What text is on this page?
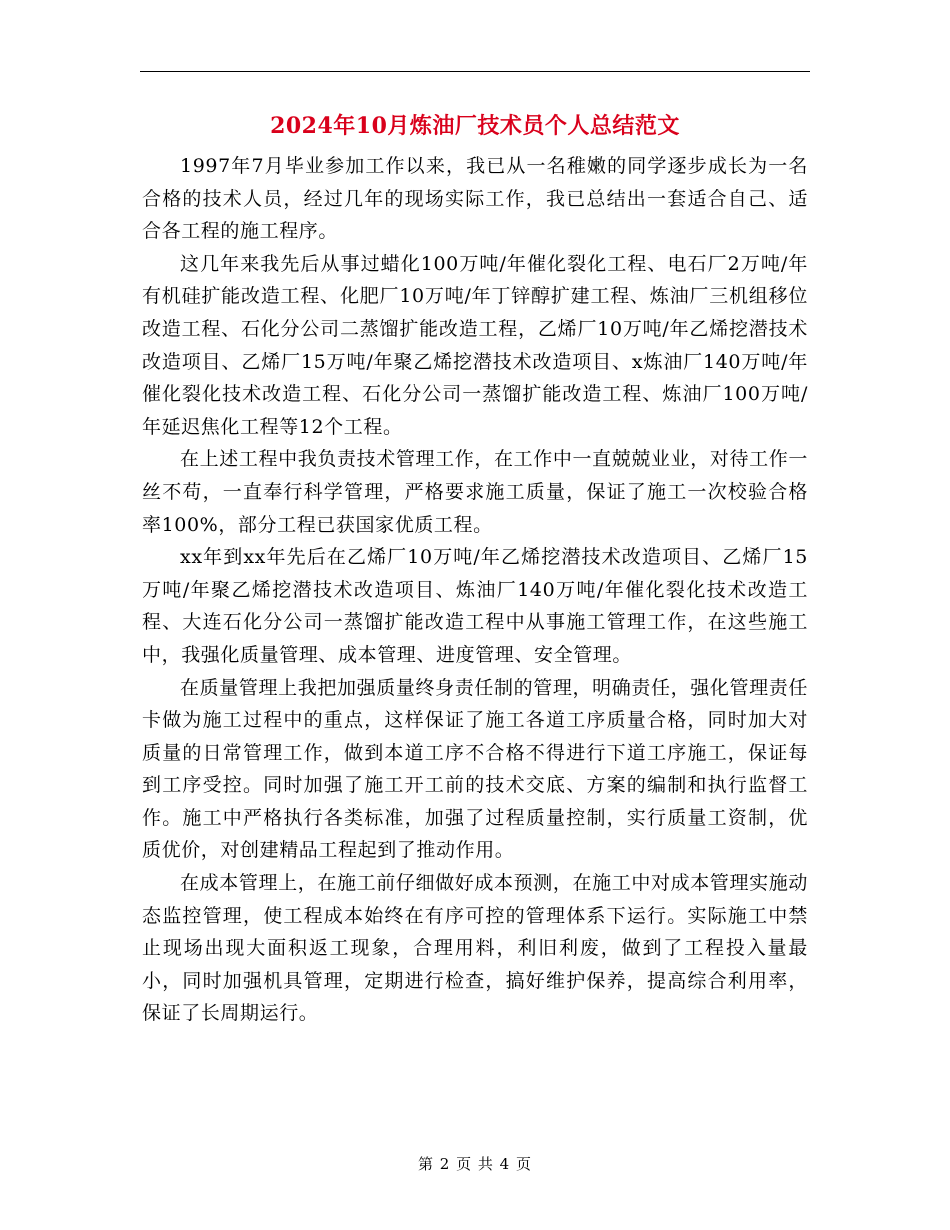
2024年10月炼油厂技术员个人总结范文

1997年7月毕业参加工作以来，我已从一名稚嫩的同学逐步成长为一名合格的技术人员，经过几年的现场实际工作，我已总结出一套适合自己、适合各工程的施工程序。

这几年来我先后从事过蜡化100万吨/年催化裂化工程、电石厂2万吨/年有机硅扩能改造工程、化肥厂10万吨/年丁锌醇扩建工程、炼油厂三机组移位改造工程、石化分公司二蒸馏扩能改造工程，乙烯厂10万吨/年乙烯挖潜技术改造项目、乙烯厂15万吨/年聚乙烯挖潜技术改造项目、x炼油厂140万吨/年催化裂化技术改造工程、石化分公司一蒸馏扩能改造工程、炼油厂100万吨/年延迟焦化工程等12个工程。

在上述工程中我负责技术管理工作，在工作中一直兢兢业业，对待工作一丝不苟，一直奉行科学管理，严格要求施工质量，保证了施工一次校验合格率100%，部分工程已获国家优质工程。

xx年到xx年先后在乙烯厂10万吨/年乙烯挖潜技术改造项目、乙烯厂15万吨/年聚乙烯挖潜技术改造项目、炼油厂140万吨/年催化裂化技术改造工程、大连石化分公司一蒸馏扩能改造工程中从事施工管理工作，在这些施工中，我强化质量管理、成本管理、进度管理、安全管理。

在质量管理上我把加强质量终身责任制的管理，明确责任，强化管理责任卡做为施工过程中的重点，这样保证了施工各道工序质量合格，同时加大对质量的日常管理工作，做到本道工序不合格不得进行下道工序施工，保证每到工序受控。同时加强了施工开工前的技术交底、方案的编制和执行监督工作。施工中严格执行各类标准，加强了过程质量控制，实行质量工资制，优质优价，对创建精品工程起到了推动作用。

在成本管理上，在施工前仔细做好成本预测，在施工中对成本管理实施动态监控管理，使工程成本始终在有序可控的管理体系下运行。实际施工中禁止现场出现大面积返工现象，合理用料，利旧利废，做到了工程投入量最小，同时加强机具管理，定期进行检查，搞好维护保养，提高综合利用率，保证了长周期运行。

第 2 页 共 4 页
